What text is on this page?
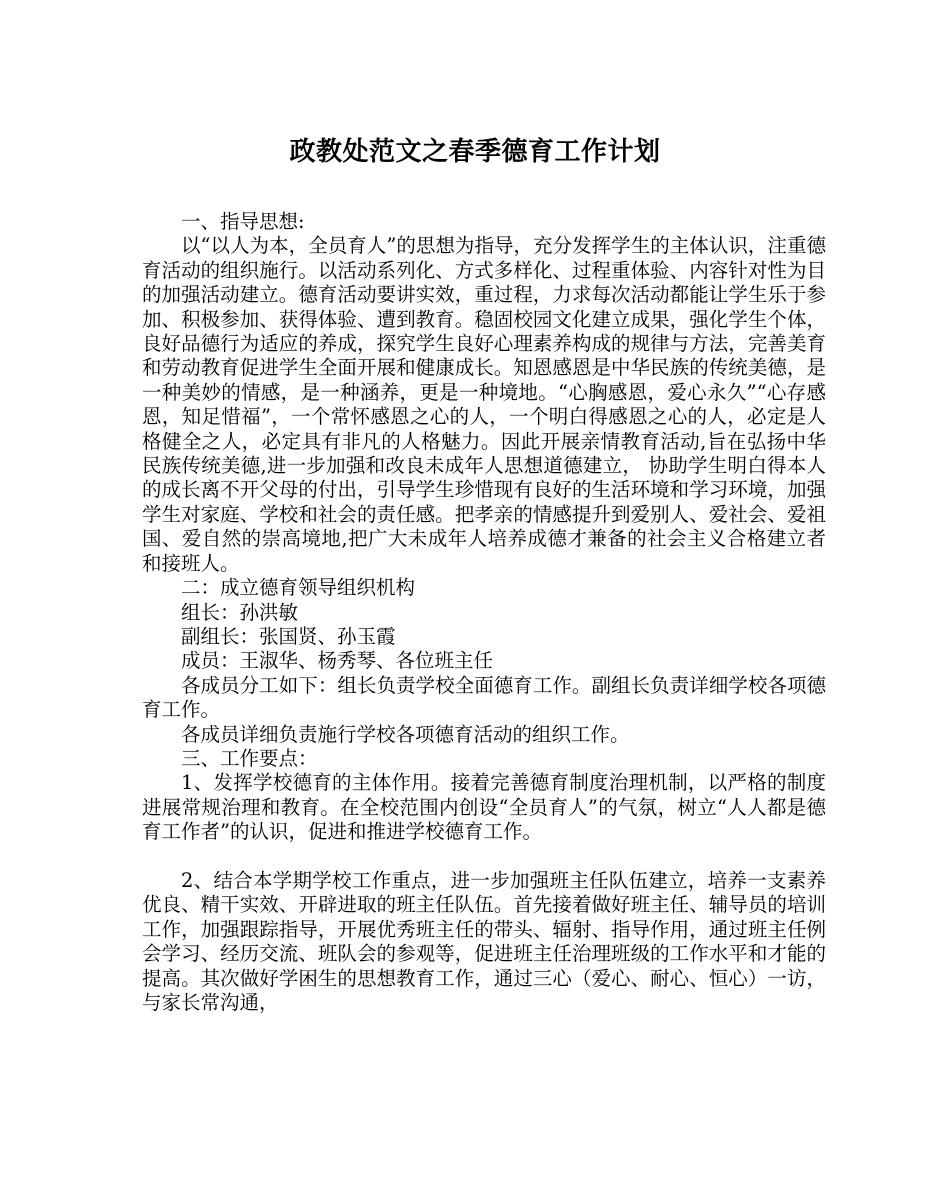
政教处范文之春季德育工作计划

一、指导思想:

以“以人为本，全员育人”的思想为指导，充分发挥学生的主体认识，注重德育活动的组织施行。以活动系列化、方式多样化、过程重体验、内容针对性为目的加强活动建立。德育活动要讲实效，重过程，力求每次活动都能让学生乐于参加、积极参加、获得体验、遭到教育。稳固校园文化建立成果，强化学生个体，良好品德行为适应的养成，探究学生良好心理素养构成的规律与方法，完善美育和劳动教育促进学生全面开展和健康成长。知恩感恩是中华民族的传统美德，是一种美妙的情感，是一种涵养，更是一种境地。“心胸感恩，爱心永久”“心存感恩，知足惜福”，一个常怀感恩之心的人，一个明白得感恩之心的人，必定是人格健全之人，必定具有非凡的人格魅力。因此开展亲情教育活动,旨在弘扬中华民族传统美德,进一步加强和改良未成年人思想道德建立， 协助学生明白得本人的成长离不开父母的付出，引导学生珍惜现有良好的生活环境和学习环境，加强学生对家庭、学校和社会的责任感。把孝亲的情感提升到爱别人、爱社会、爱祖国、爱自然的崇高境地,把广大未成年人培养成德才兼备的社会主义合格建立者和接班人。

二：成立德育领导组织机构

组长：孙洪敏

副组长：张国贤、孙玉霞

成员：王淑华、杨秀琴、各位班主任

各成员分工如下：组长负责学校全面德育工作。副组长负责详细学校各项德育工作。

各成员详细负责施行学校各项德育活动的组织工作。

三、工作要点：

1、发挥学校德育的主体作用。接着完善德育制度治理机制，以严格的制度进展常规治理和教育。在全校范围内创设“全员育人”的气氛，树立“人人都是德育工作者”的认识，促进和推进学校德育工作。

2、结合本学期学校工作重点，进一步加强班主任队伍建立，培养一支素养优良、精干实效、开辟进取的班主任队伍。首先接着做好班主任、辅导员的培训工作，加强跟踪指导，开展优秀班主任的带头、辐射、指导作用，通过班主任例会学习、经历交流、班队会的参观等，促进班主任治理班级的工作水平和才能的提高。其次做好学困生的思想教育工作，通过三心（爱心、耐心、恒心）一访，与家长常沟通，
